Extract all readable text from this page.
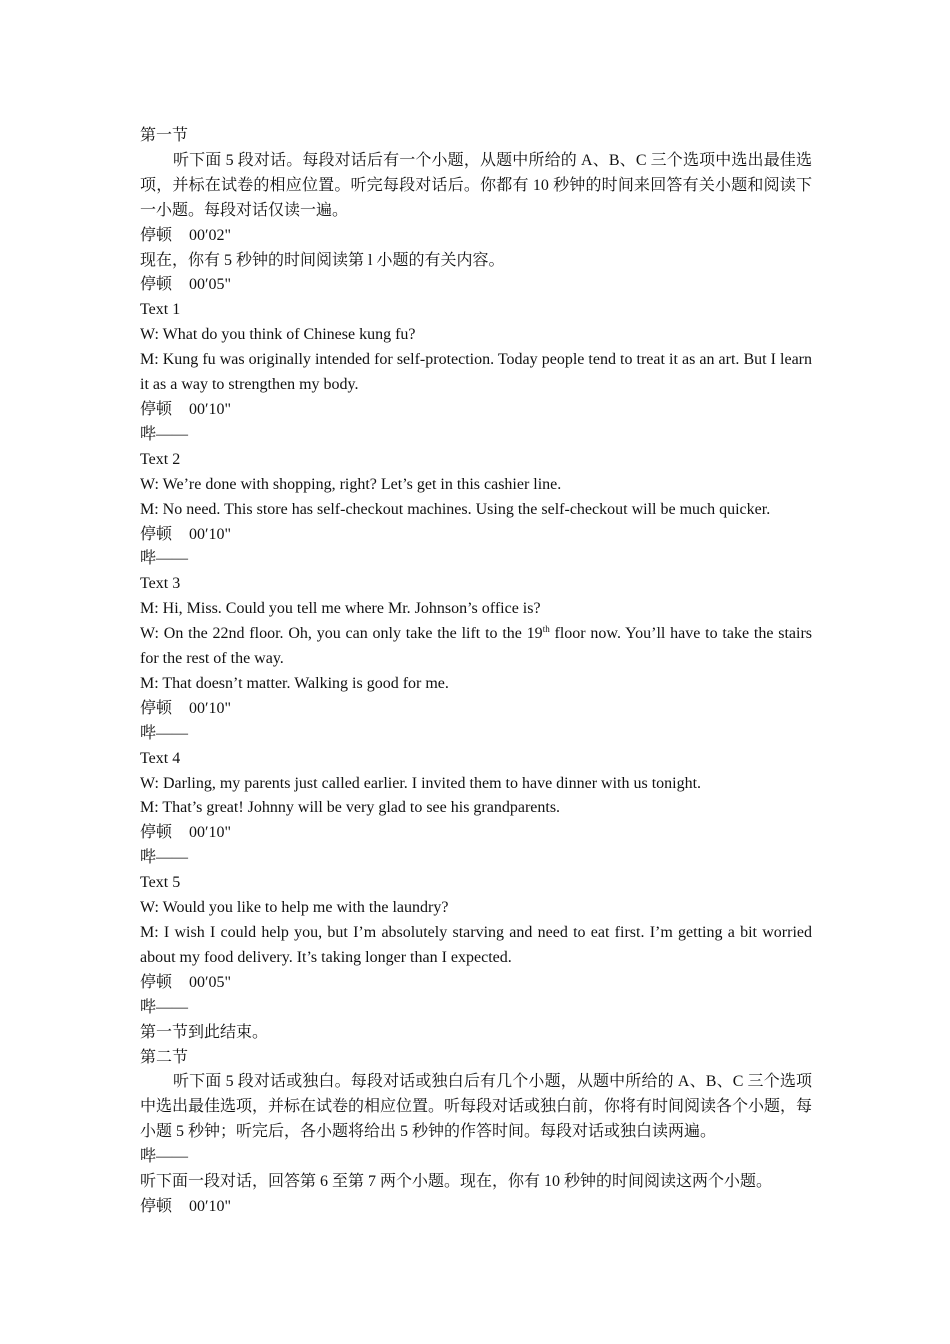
第一节
听下面 5 段对话。每段对话后有一个小题，从题中所给的 A、B、C 三个选项中选出最佳选项，并标在试卷的相应位置。听完每段对话后。你都有 10 秒钟的时间来回答有关小题和阅读下一小题。每段对话仅读一遍。
停顿 00′02"
现在，你有 5 秒钟的时间阅读第 l 小题的有关内容。
停顿 00′05"
Text 1
W: What do you think of Chinese kung fu?
M: Kung fu was originally intended for self-protection. Today people tend to treat it as an art. But I learn it as a way to strengthen my body.
停顿 00′10"
哔——
Text 2
W: We’re done with shopping, right? Let’s get in this cashier line.
M: No need. This store has self-checkout machines. Using the self-checkout will be much quicker.
停顿 00′10"
哔——
Text 3
M: Hi, Miss. Could you tell me where Mr. Johnson’s office is?
W: On the 22nd floor. Oh, you can only take the lift to the 19th floor now. You’ll have to take the stairs for the rest of the way.
M: That doesn’t matter. Walking is good for me.
停顿 00′10"
哔——
Text 4
W: Darling, my parents just called earlier. I invited them to have dinner with us tonight.
M: That’s great! Johnny will be very glad to see his grandparents.
停顿 00′10"
哔——
Text 5
W: Would you like to help me with the laundry?
M: I wish I could help you, but I’m absolutely starving and need to eat first. I’m getting a bit worried about my food delivery. It’s taking longer than I expected.
停顿 00′05"
哔——
第一节到此结束。
第二节
听下面 5 段对话或独白。每段对话或独白后有几个小题，从题中所给的 A、B、C 三个选项中选出最佳选项，并标在试卷的相应位置。听每段对话或独白前，你将有时间阅读各个小题，每小题 5 秒钟；听完后，各小题将给出 5 秒钟的作答时间。每段对话或独白读两遍。
哔——
听下面一段对话，回答第 6 至第 7 两个小题。现在，你有 10 秒钟的时间阅读这两个小题。
停顿 00′10"
